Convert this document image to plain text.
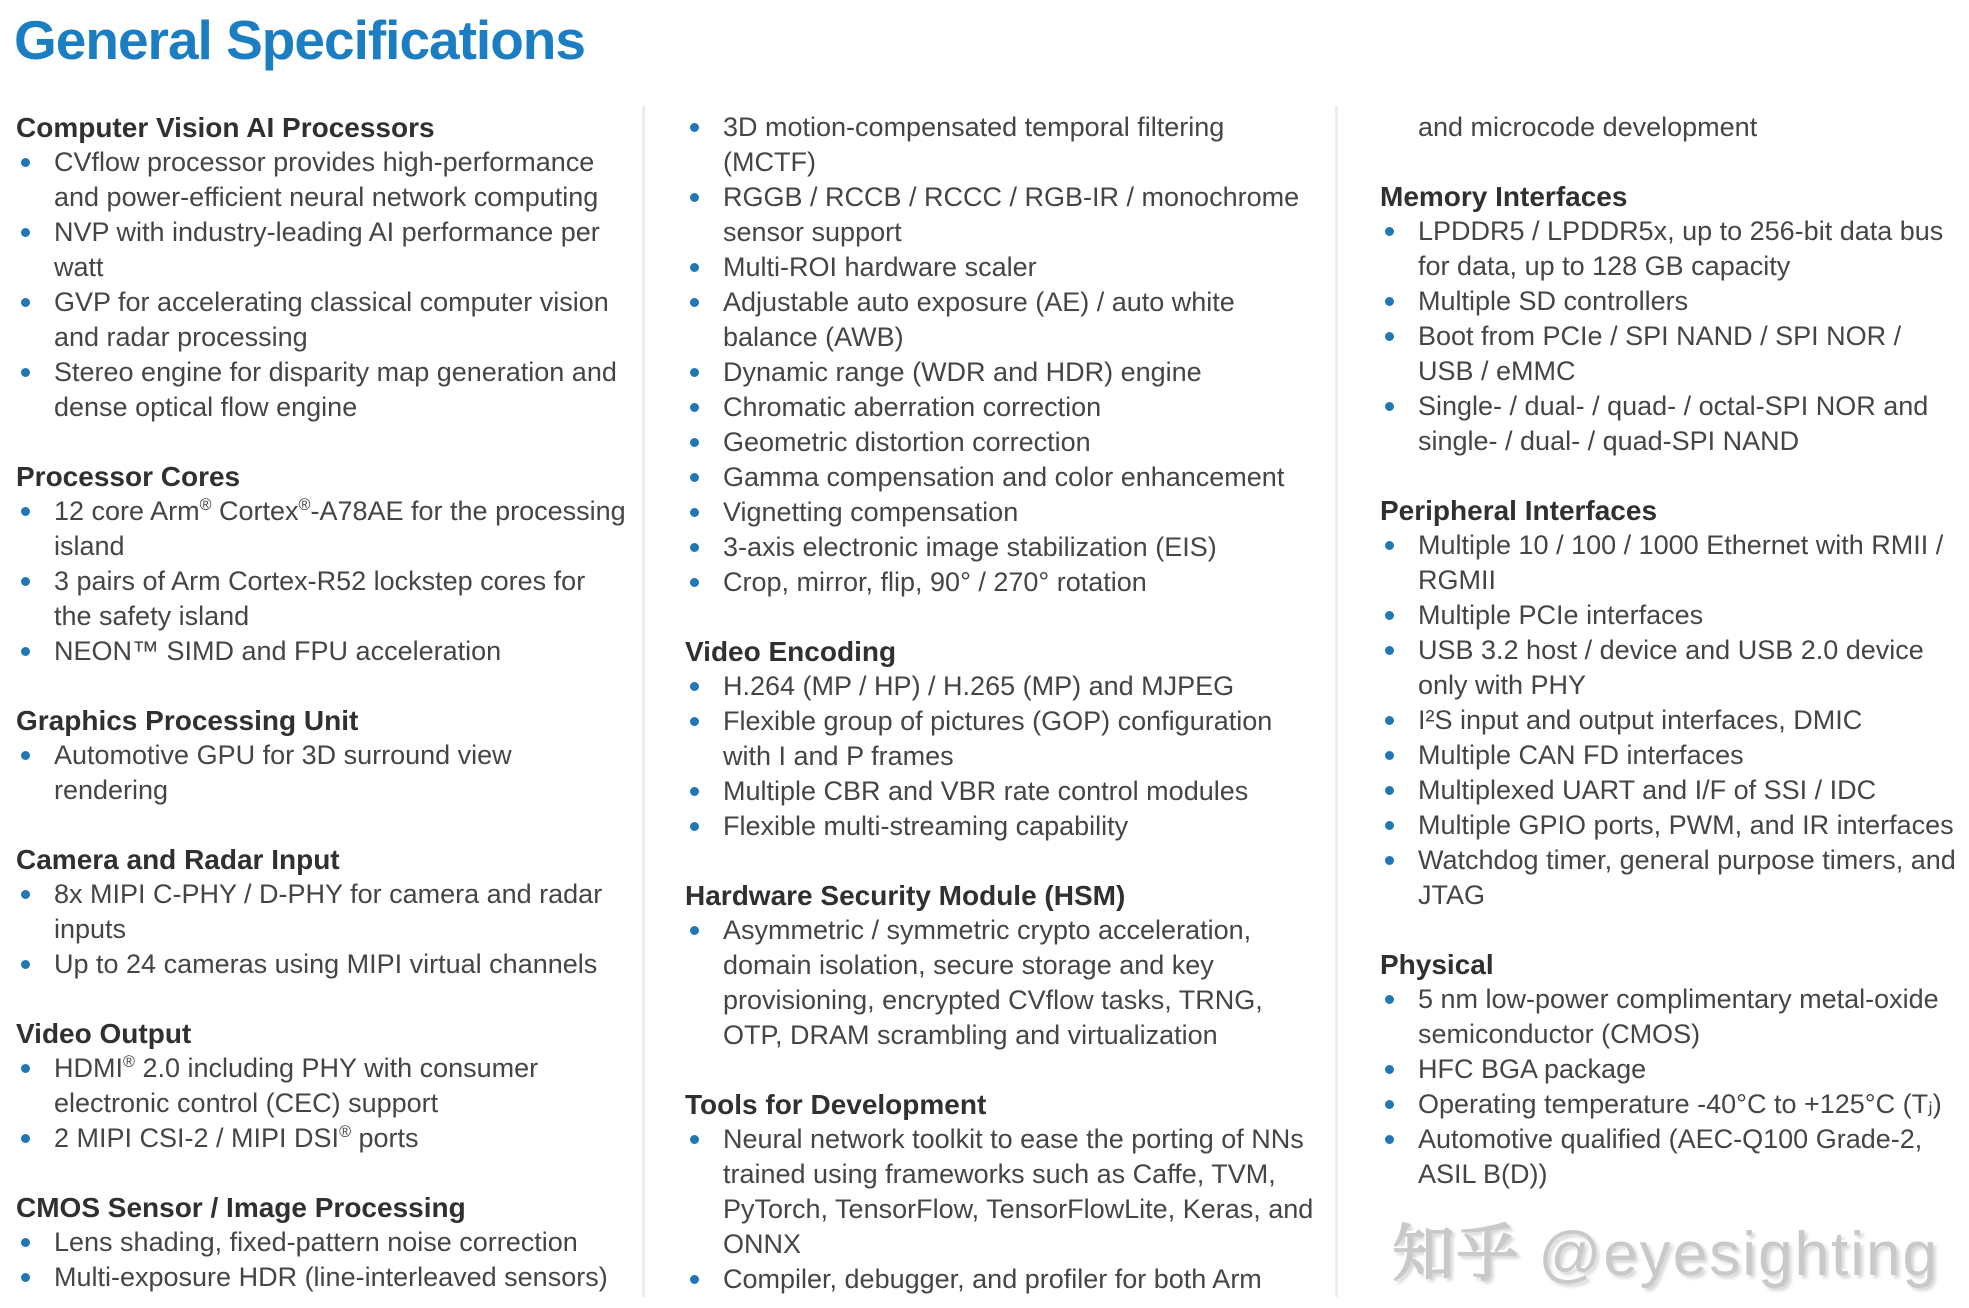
General Specifications
Computer Vision AI Processors
CVflow processor provides high-performance and power-efficient neural network computing
NVP with industry-leading AI performance per watt
GVP for accelerating classical computer vision and radar processing
Stereo engine for disparity map generation and dense optical flow engine
Processor Cores
12 core Arm® Cortex®-A78AE for the processing island
3 pairs of Arm Cortex-R52 lockstep cores for the safety island
NEON™ SIMD and FPU acceleration
Graphics Processing Unit
Automotive GPU for 3D surround view rendering
Camera and Radar Input
8x MIPI C-PHY / D-PHY for camera and radar inputs
Up to 24 cameras using MIPI virtual channels
Video Output
HDMI® 2.0 including PHY with consumer electronic control (CEC) support
2 MIPI CSI-2 / MIPI DSI® ports
CMOS Sensor / Image Processing
Lens shading, fixed-pattern noise correction
Multi-exposure HDR (line-interleaved sensors)
3D motion-compensated temporal filtering (MCTF)
RGGB / RCCB / RCCC / RGB-IR / monochrome sensor support
Multi-ROI hardware scaler
Adjustable auto exposure (AE) / auto white balance (AWB)
Dynamic range (WDR and HDR) engine
Chromatic aberration correction
Geometric distortion correction
Gamma compensation and color enhancement
Vignetting compensation
3-axis electronic image stabilization (EIS)
Crop, mirror, flip, 90° / 270° rotation
Video Encoding
H.264 (MP / HP) / H.265 (MP) and MJPEG
Flexible group of pictures (GOP) configuration with I and P frames
Multiple CBR and VBR rate control modules
Flexible multi-streaming capability
Hardware Security Module (HSM)
Asymmetric / symmetric crypto acceleration, domain isolation, secure storage and key provisioning, encrypted CVflow tasks, TRNG, OTP, DRAM scrambling and virtualization
Tools for Development
Neural network toolkit to ease the porting of NNs trained using frameworks such as Caffe, TVM, PyTorch, TensorFlow, TensorFlowLite, Keras, and ONNX
Compiler, debugger, and profiler for both Arm

and microcode development

Memory Interfaces
LPDDR5 / LPDDR5x, up to 256-bit data bus for data, up to 128 GB capacity
Multiple SD controllers
Boot from PCIe / SPI NAND / SPI NOR / USB / eMMC
Single- / dual- / quad- / octal-SPI NOR and single- / dual- / quad-SPI NAND
Peripheral Interfaces
Multiple 10 / 100 / 1000 Ethernet with RMII / RGMII
Multiple PCIe interfaces
USB 3.2 host / device and USB 2.0 device only with PHY
I²S input and output interfaces, DMIC
Multiple CAN FD interfaces
Multiplexed UART and I/F of SSI / IDC
Multiple GPIO ports, PWM, and IR interfaces
Watchdog timer, general purpose timers, and JTAG
Physical
5 nm low-power complimentary metal-oxide semiconductor (CMOS)
HFC BGA package
Operating temperature -40°C to +125°C (Tⱼ)
Automotive qualified (AEC-Q100 Grade-2, ASIL B(D))
知乎 @eyesighting
